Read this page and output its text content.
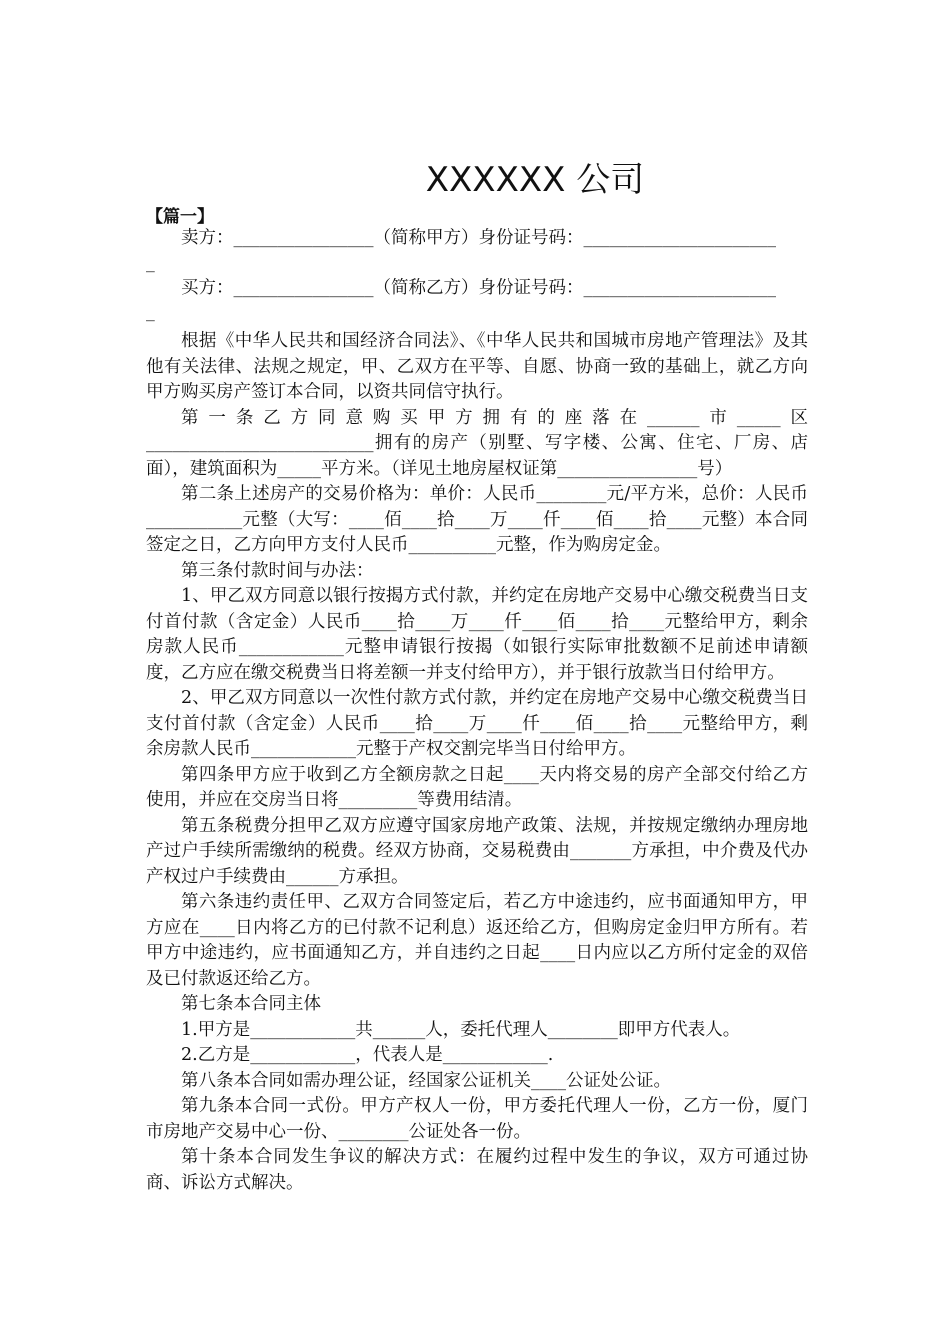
XXXXXX 公司
【篇一】

卖方：________________（简称甲方）身份证号码：______________________

_

买方：________________（简称乙方）身份证号码：______________________

_

根据《中华人民共和国经济合同法》、《中华人民共和国城市房地产管理法》及其他有关法律、法规之规定，甲、乙双方在平等、自愿、协商一致的基础上，就乙方向甲方购买房产签订本合同，以资共同信守执行。

第一条乙方同意购买甲方拥有的座落在______市_____区__________________________拥有的房产（别墅、写字楼、公寓、住宅、厂房、店面），建筑面积为_____平方米。（详见土地房屋权证第________________号）

第二条上述房产的交易价格为：单价：人民币________元/平方米，总价：人民币___________元整（大写：____佰____拾____万____仟____佰____拾____元整）本合同签定之日，乙方向甲方支付人民币__________元整，作为购房定金。

第三条付款时间与办法：

1、甲乙双方同意以银行按揭方式付款，并约定在房地产交易中心缴交税费当日支付首付款（含定金）人民币____拾____万____仟____佰____拾____元整给甲方，剩余房款人民币____________元整申请银行按揭（如银行实际审批数额不足前述申请额度，乙方应在缴交税费当日将差额一并支付给甲方），并于银行放款当日付给甲方。

2、甲乙双方同意以一次性付款方式付款，并约定在房地产交易中心缴交税费当日支付首付款（含定金）人民币____拾____万____仟____佰____拾____元整给甲方，剩余房款人民币____________元整于产权交割完毕当日付给甲方。

第四条甲方应于收到乙方全额房款之日起____天内将交易的房产全部交付给乙方使用，并应在交房当日将_________等费用结清。

第五条税费分担甲乙双方应遵守国家房地产政策、法规，并按规定缴纳办理房地产过户手续所需缴纳的税费。经双方协商，交易税费由_______方承担，中介费及代办产权过户手续费由______方承担。

第六条违约责任甲、乙双方合同签定后，若乙方中途违约，应书面通知甲方，甲方应在____日内将乙方的已付款不记利息）返还给乙方，但购房定金归甲方所有。若甲方中途违约，应书面通知乙方，并自违约之日起____日内应以乙方所付定金的双倍及已付款返还给乙方。

第七条本合同主体

1.甲方是____________共______人，委托代理人________即甲方代表人。

2.乙方是____________，代表人是____________.

第八条本合同如需办理公证，经国家公证机关____公证处公证。

第九条本合同一式份。甲方产权人一份，甲方委托代理人一份，乙方一份，厦门市房地产交易中心一份、________公证处各一份。

第十条本合同发生争议的解决方式：在履约过程中发生的争议，双方可通过协商、诉讼方式解决。
